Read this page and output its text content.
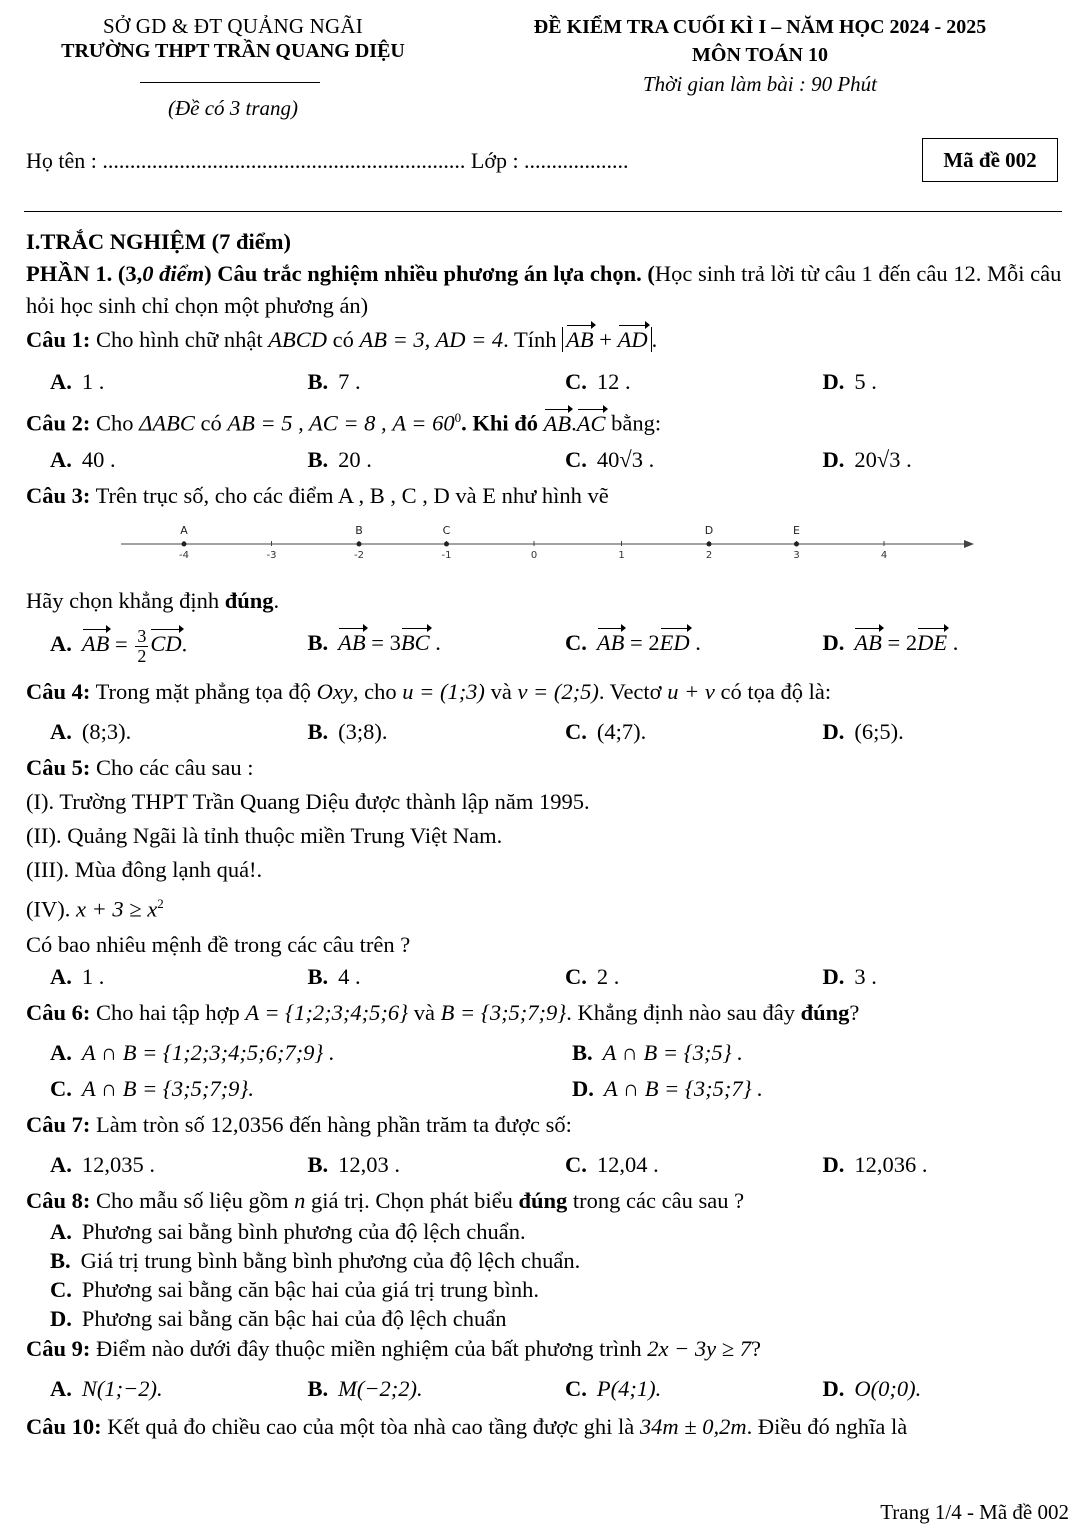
SỞ GD & ĐT QUẢNG NGÃI
TRƯỜNG THPT TRẦN QUANG DIỆU
(Đề có 3 trang)
ĐỀ KIỂM TRA CUỐI KÌ I – NĂM HỌC 2024 - 2025
MÔN TOÁN 10
Thời gian làm bài : 90 Phút
Họ tên : .................................................................. Lớp : ...................	Mã đề 002
I.TRẮC NGHIỆM (7 điểm)
PHẦN 1. (3,0 điểm) Câu trắc nghiệm nhiều phương án lựa chọn. (Học sinh trả lời từ câu 1 đến câu 12. Mỗi câu hỏi học sinh chỉ chọn một phương án)
Câu 1: Cho hình chữ nhật ABCD có AB = 3, AD = 4. Tính AB + AD .
A. 1 .	B. 7 .	C. 12 .	D. 5 .
Câu 2: Cho ΔABC có AB = 5 , AC = 8 , $A = 60^0$. Khi đó AB.AC bằng:
A. 40 .	B. 20 .	C. 40√3 .	D. 20√3 .
Câu 3: Trên trục số, cho các điểm A , B , C , D và E như hình vẽ
-4	-3	-2	-1	0	1	2	3	4
A	B	C	D	E
Hãy chọn khẳng định đúng.
A. AB = $\frac{3}{2}$ CD.	B. AB = 3BC .	C. AB = 2ED .	D. AB = 2DE .
Câu 4: Trong mặt phẳng tọa độ Oxy, cho u = (1;3) và v = (2;5). Vectơ u + v có tọa độ là:
A. (8;3).	B. (3;8).	C. (4;7).	D. (6;5).
Câu 5: Cho các câu sau :
(I). Trường THPT Trần Quang Diệu được thành lập năm 1995.
(II). Quảng Ngãi là tỉnh thuộc miền Trung Việt Nam.
(III). Mùa đông lạnh quá!.
(IV). $x + 3 \ge x^2$
Có bao nhiêu mệnh đề trong các câu trên ?
A. 1 .	B. 4 .	C. 2 .	D. 3 .
Câu 6: Cho hai tập hợp A = {1;2;3;4;5;6} và B = {3;5;7;9}. Khẳng định nào sau đây đúng?
A. A ∩ B = {1;2;3;4;5;6;7;9} .	B. A ∩ B = {3;5} .
C. A ∩ B = {3;5;7;9}.	D. A ∩ B = {3;5;7} .
Câu 7: Làm tròn số 12,0356 đến hàng phần trăm ta được số:
A. 12,035 .	B. 12,03 .	C. 12,04 .	D. 12,036 .
Câu 8: Cho mẫu số liệu gồm n giá trị. Chọn phát biểu đúng trong các câu sau ?
A. Phương sai bằng bình phương của độ lệch chuẩn.
B. Giá trị trung bình bằng bình phương của độ lệch chuẩn.
C. Phương sai bằng căn bậc hai của giá trị trung bình.
D. Phương sai bằng căn bậc hai của độ lệch chuẩn
Câu 9: Điểm nào dưới đây thuộc miền nghiệm của bất phương trình 2x − 3y ≥ 7?
A. N(1;−2).	B. M(−2;2).	C. P(4;1).	D. O(0;0).
Câu 10: Kết quả đo chiều cao của một tòa nhà cao tầng được ghi là 34m ± 0,2m. Điều đó nghĩa là
Trang 1/4 - Mã đề 002
